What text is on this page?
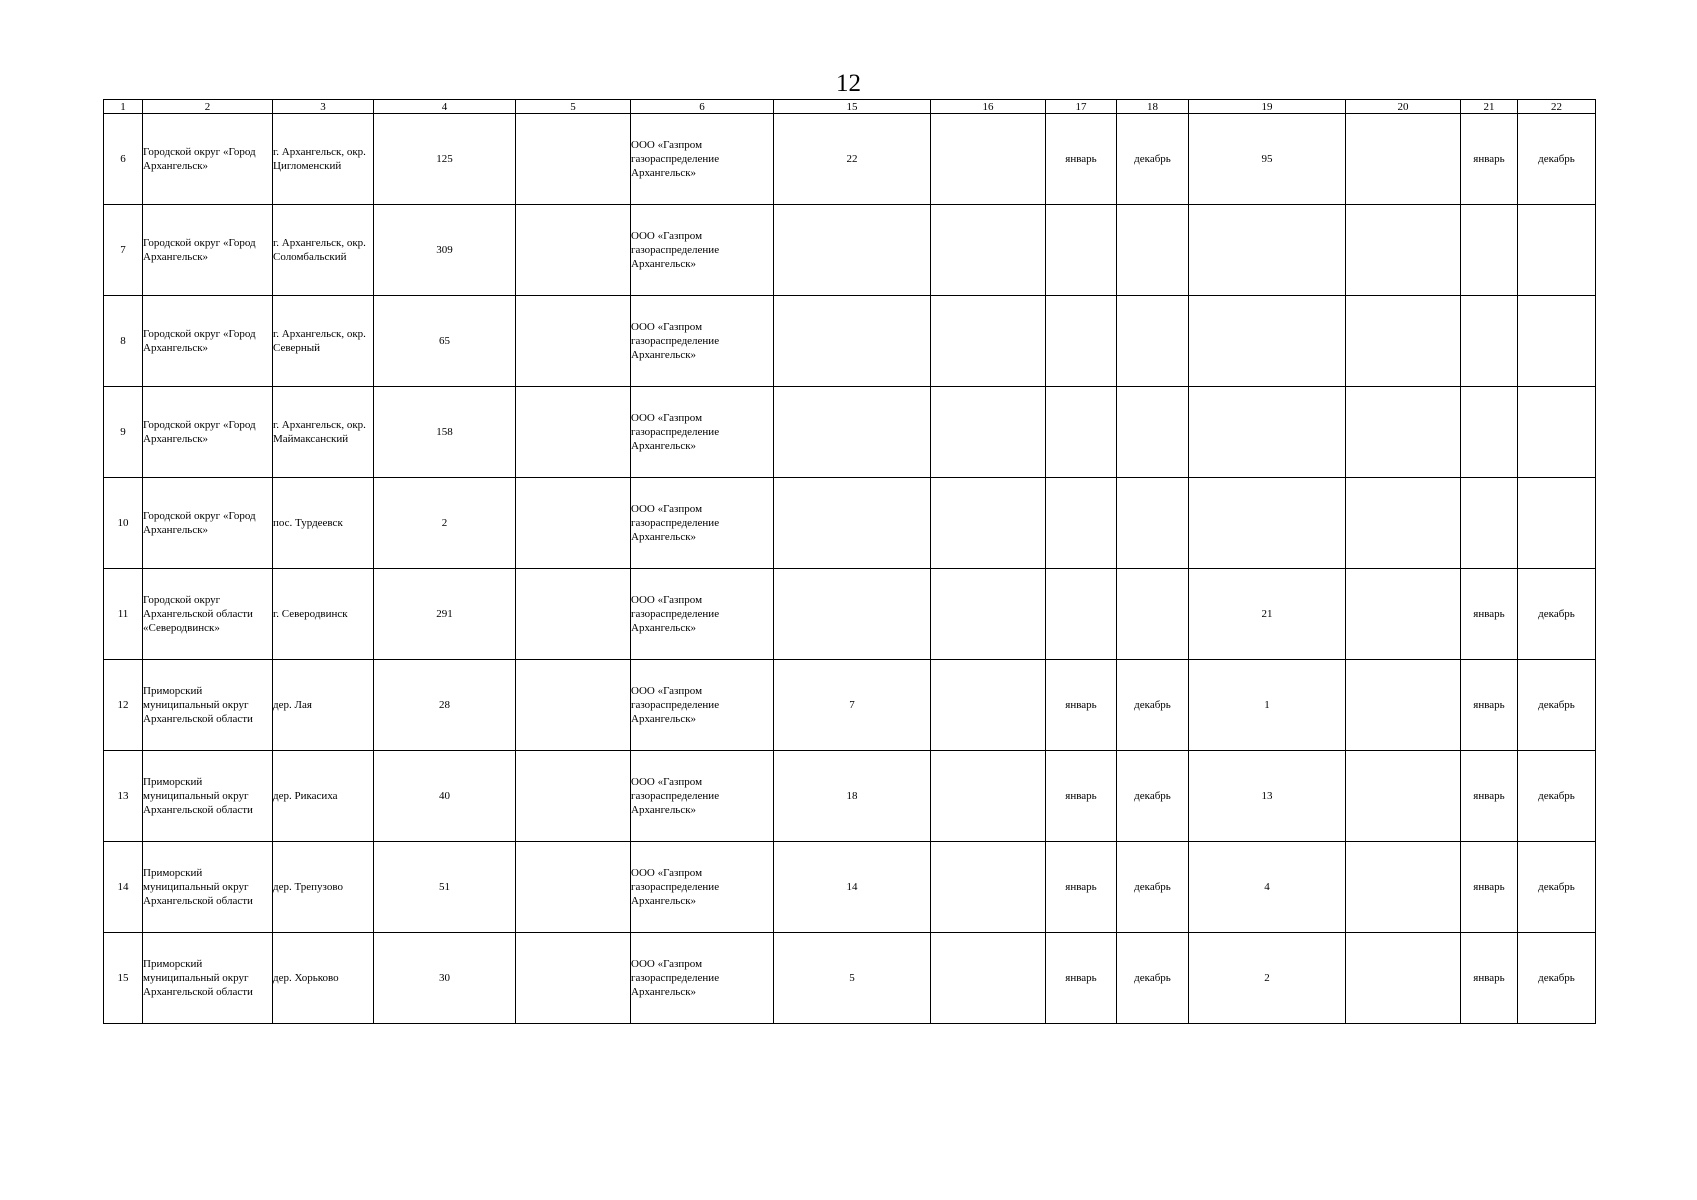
12
1	2	3	4	5	6	15	16	17	18	19	20	21	22
6	Городской округ «Город Архангельск»	г. Архангельск, окр. Цигломенский	125		ООО «Газпром газораспределение Архангельск»	22		январь	декабрь	95		январь	декабрь
7	Городской округ «Город Архангельск»	г. Архангельск, окр. Соломбальский	309		ООО «Газпром газораспределение Архангельск»								
8	Городской округ «Город Архангельск»	г. Архангельск, окр. Северный	65		ООО «Газпром газораспределение Архангельск»								
9	Городской округ «Город Архангельск»	г. Архангельск, окр. Маймаксанский	158		ООО «Газпром газораспределение Архангельск»								
10	Городской округ «Город Архангельск»	пос. Турдеевск	2		ООО «Газпром газораспределение Архангельск»								
11	Городской округ Архангельской области «Северодвинск»	г. Северодвинск	291		ООО «Газпром газораспределение Архангельск»					21		январь	декабрь
12	Приморский муниципальный округ Архангельской области	дер. Лая	28		ООО «Газпром газораспределение Архангельск»	7		январь	декабрь	1		январь	декабрь
13	Приморский муниципальный округ Архангельской области	дер. Рикасиха	40		ООО «Газпром газораспределение Архангельск»	18		январь	декабрь	13		январь	декабрь
14	Приморский муниципальный округ Архангельской области	дер. Трепузово	51		ООО «Газпром газораспределение Архангельск»	14		январь	декабрь	4		январь	декабрь
15	Приморский муниципальный округ Архангельской области	дер. Хорьково	30		ООО «Газпром газораспределение Архангельск»	5		январь	декабрь	2		январь	декабрь
